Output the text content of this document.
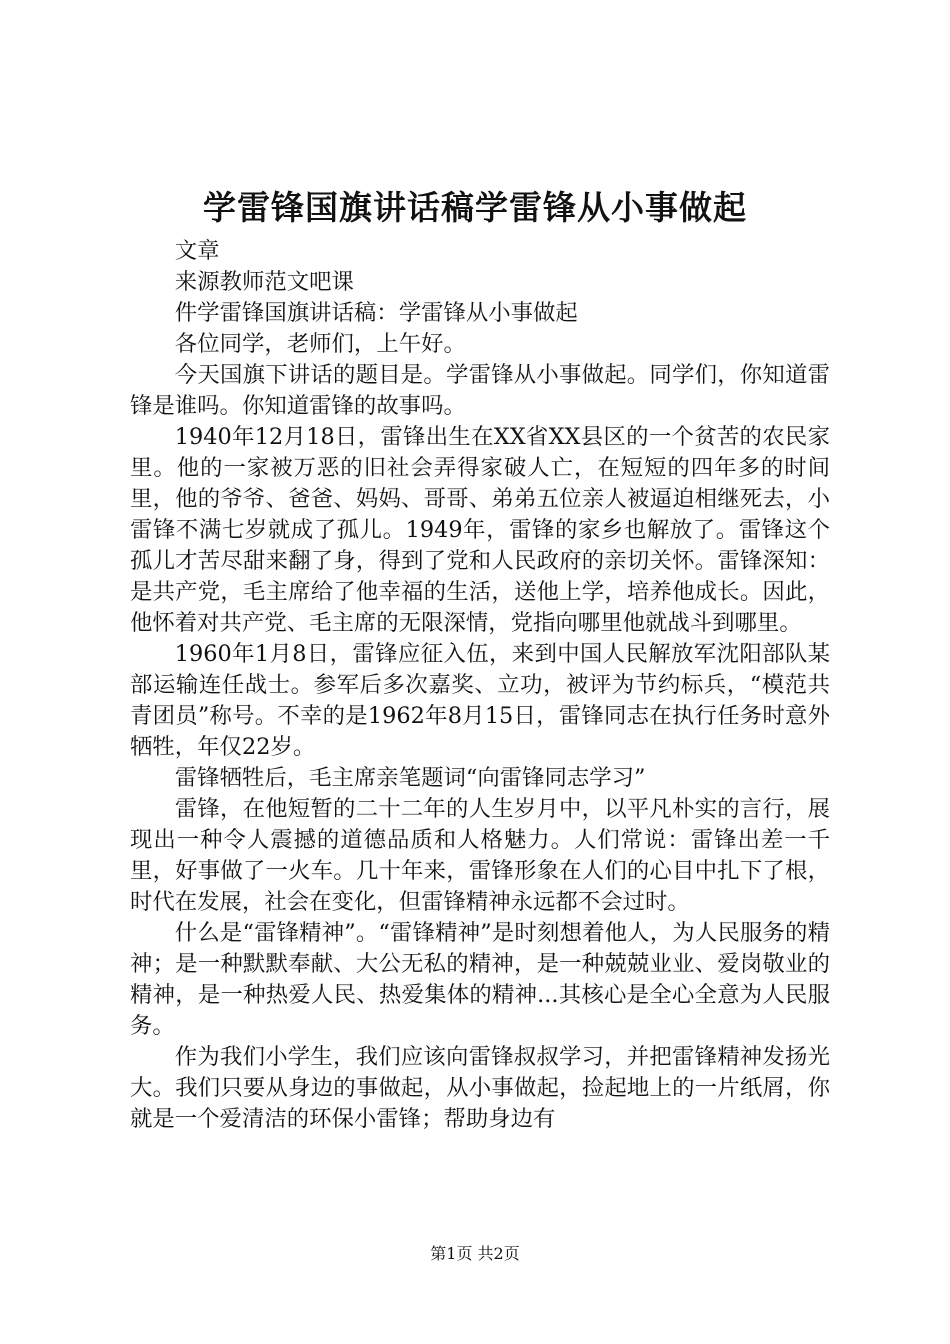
学雷锋国旗讲话稿学雷锋从小事做起

文章

来源教师范文吧课

件学雷锋国旗讲话稿：学雷锋从小事做起

各位同学，老师们，上午好。

今天国旗下讲话的题目是。学雷锋从小事做起。同学们，你知道雷锋是谁吗。你知道雷锋的故事吗。

1940年12月18日，雷锋出生在XX省XX县区的一个贫苦的农民家里。他的一家被万恶的旧社会弄得家破人亡，在短短的四年多的时间里，他的爷爷、爸爸、妈妈、哥哥、弟弟五位亲人被逼迫相继死去，小雷锋不满七岁就成了孤儿。1949年，雷锋的家乡也解放了。雷锋这个孤儿才苦尽甜来翻了身，得到了党和人民政府的亲切关怀。雷锋深知：是共产党，毛主席给了他幸福的生活，送他上学，培养他成长。因此，他怀着对共产党、毛主席的无限深情，党指向哪里他就战斗到哪里。

1960年1月8日，雷锋应征入伍，来到中国人民解放军沈阳部队某部运输连任战士。参军后多次嘉奖、立功，被评为节约标兵，“模范共青团员”称号。不幸的是1962年8月15日，雷锋同志在执行任务时意外牺牲，年仅22岁。

雷锋牺牲后，毛主席亲笔题词“向雷锋同志学习”

雷锋，在他短暂的二十二年的人生岁月中，以平凡朴实的言行，展现出一种令人震撼的道德品质和人格魅力。人们常说：雷锋出差一千里，好事做了一火车。几十年来，雷锋形象在人们的心目中扎下了根，时代在发展，社会在变化，但雷锋精神永远都不会过时。

什么是“雷锋精神”。“雷锋精神”是时刻想着他人，为人民服务的精神；是一种默默奉献、大公无私的精神，是一种兢兢业业、爱岗敬业的精神，是一种热爱人民、热爱集体的精神...其核心是全心全意为人民服务。

作为我们小学生，我们应该向雷锋叔叔学习，并把雷锋精神发扬光大。我们只要从身边的事做起，从小事做起，捡起地上的一片纸屑，你就是一个爱清洁的环保小雷锋；帮助身边有

第1页 共2页
